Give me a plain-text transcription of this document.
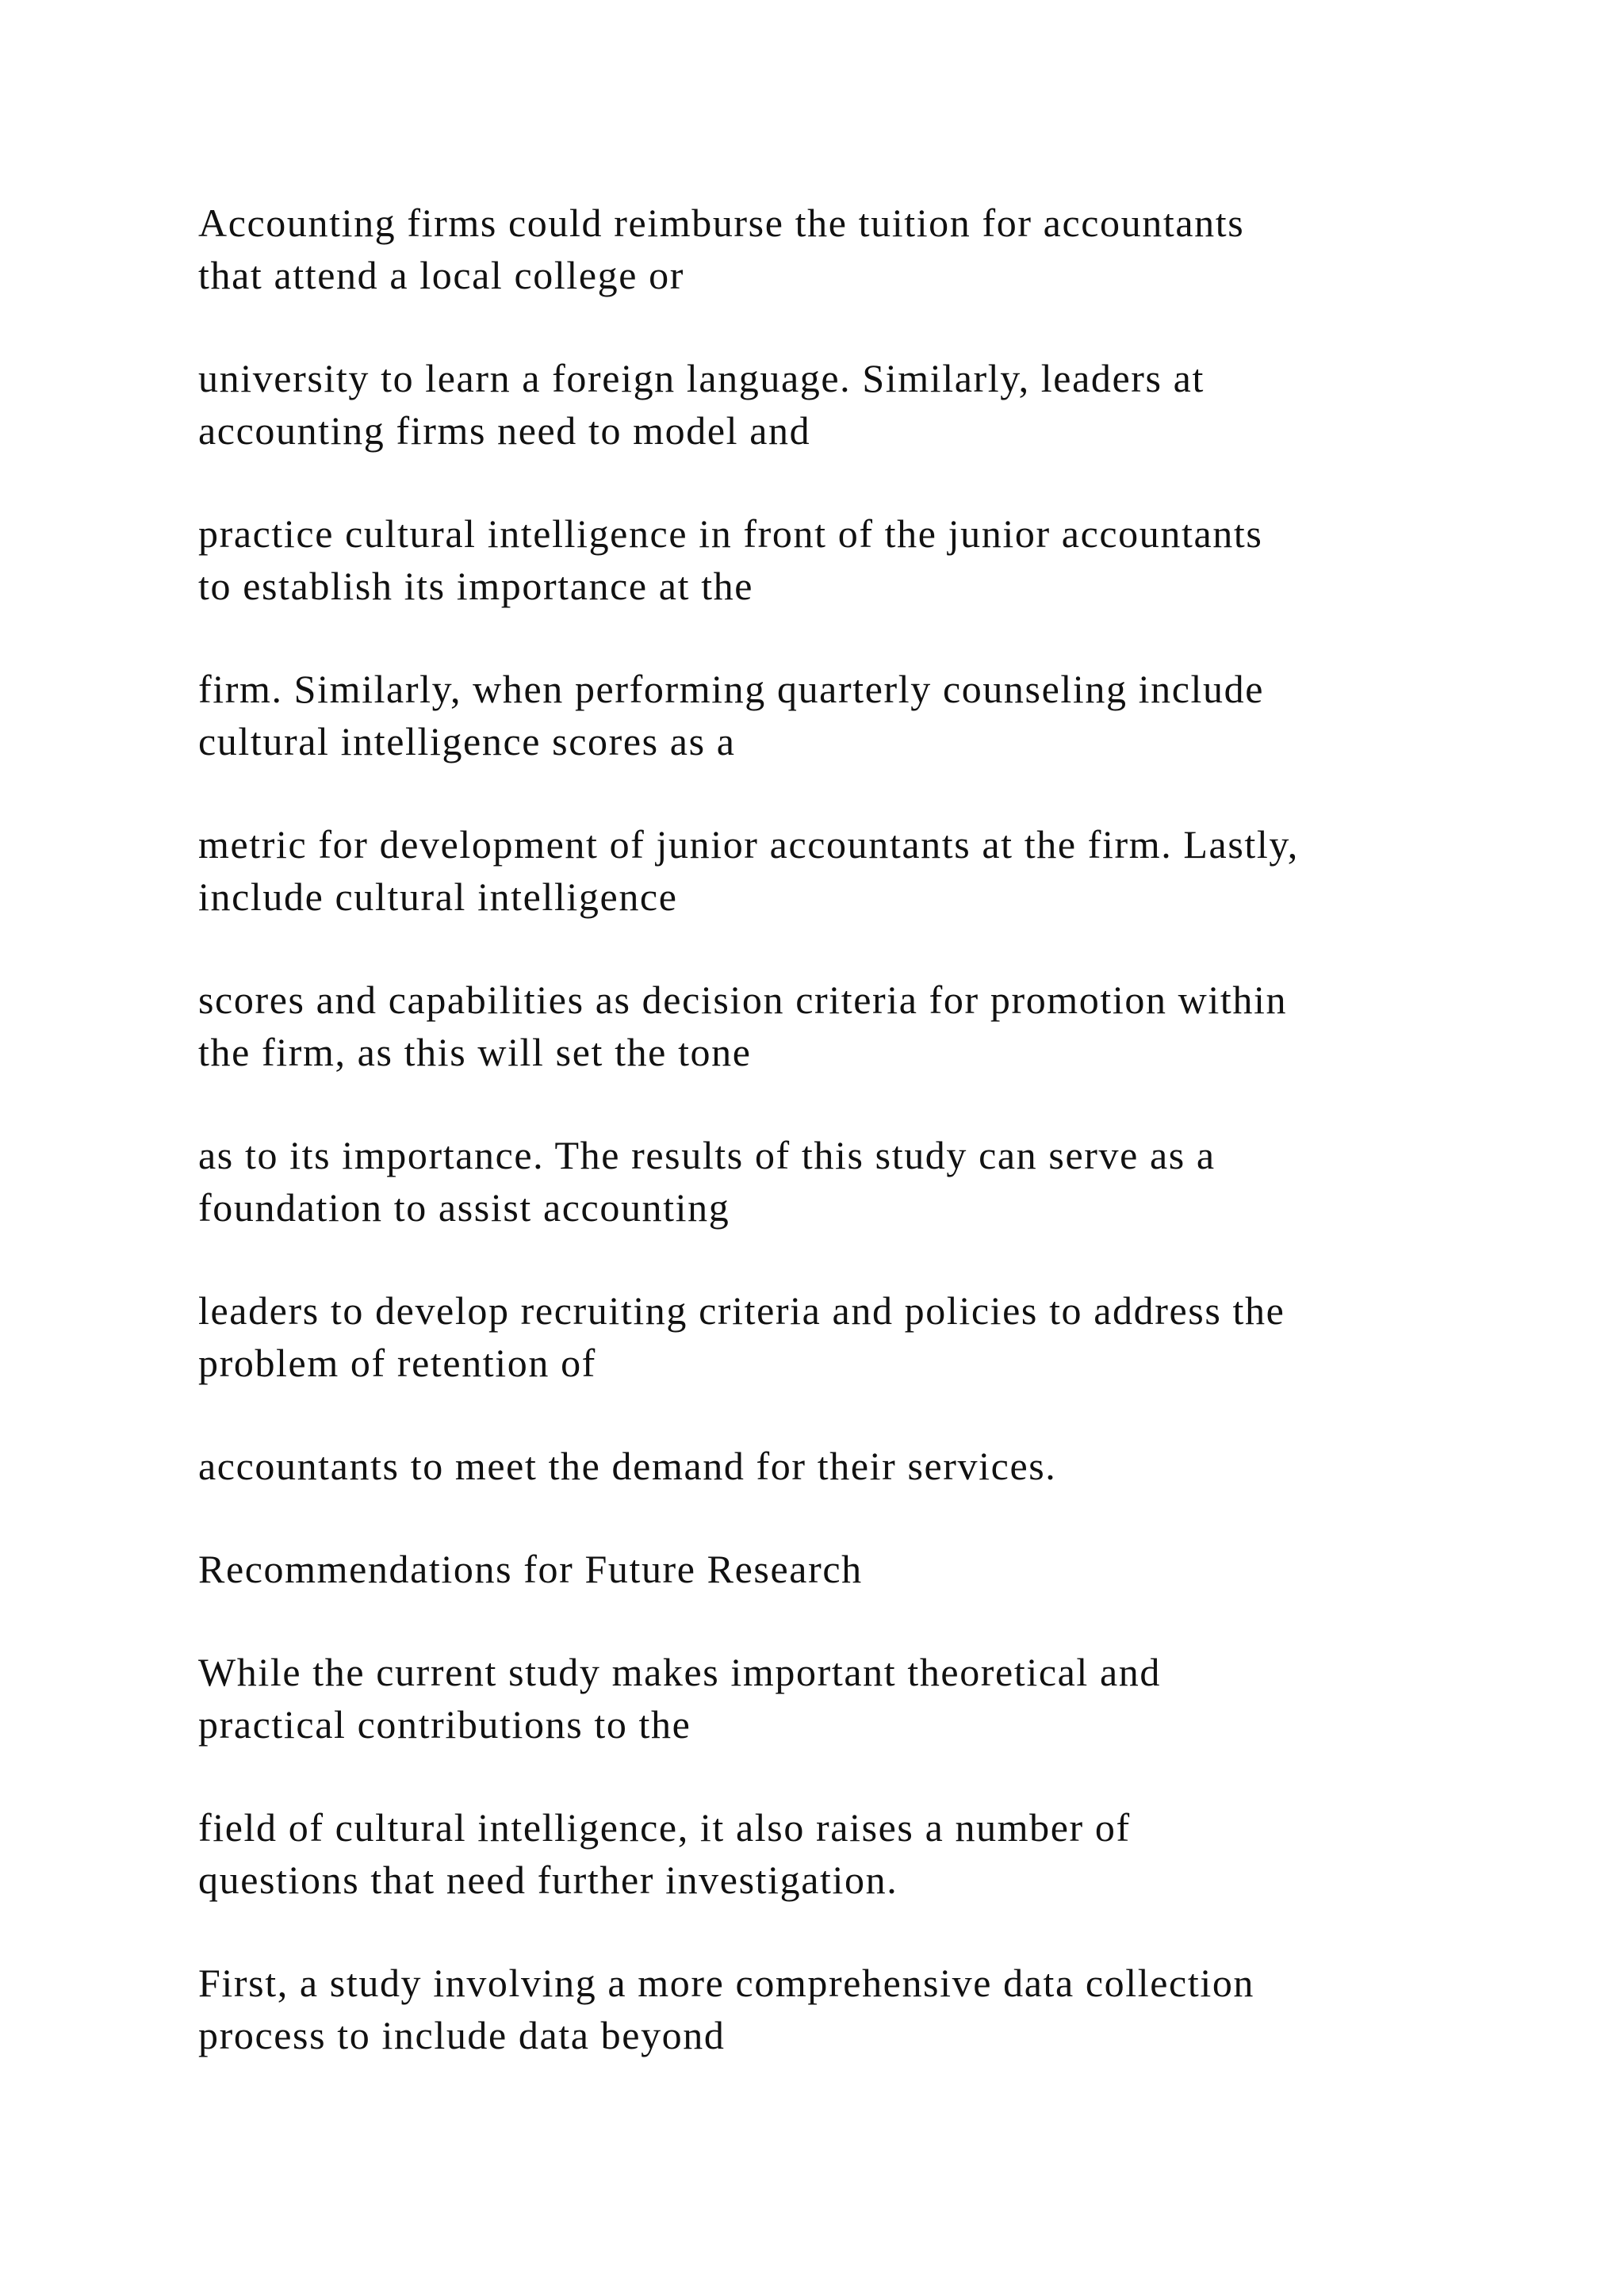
Accounting firms could reimburse the tuition for accountants
that attend a local college or

university to learn a foreign language. Similarly, leaders at
accounting firms need to model and

practice cultural intelligence in front of the junior accountants
to establish its importance at the

firm. Similarly, when performing quarterly counseling include
cultural intelligence scores as a

metric for development of junior accountants at the firm. Lastly,
include cultural intelligence

scores and capabilities as decision criteria for promotion within
the firm, as this will set the tone

as to its importance. The results of this study can serve as a
foundation to assist accounting

leaders to develop recruiting criteria and policies to address the
problem of retention of

accountants to meet the demand for their services.

Recommendations for Future Research

While the current study makes important theoretical and
practical contributions to the

field of cultural intelligence, it also raises a number of
questions that need further investigation.

First, a study involving a more comprehensive data collection
process to include data beyond
